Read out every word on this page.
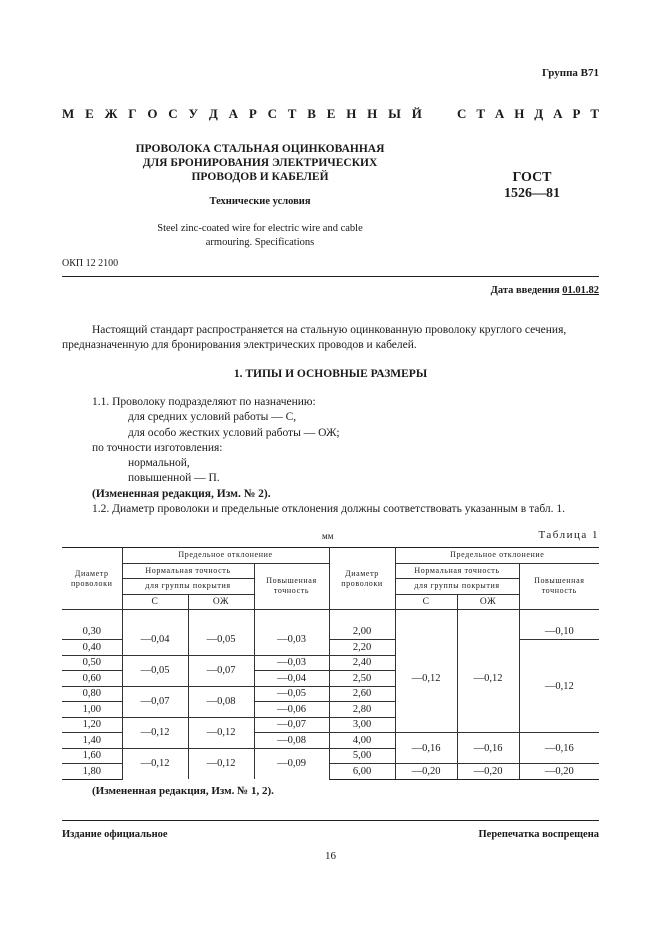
Группа В71
М Е Ж Г О С У Д А Р С Т В Е Н Н Ы Й	С Т А Н Д А Р Т
ПРОВОЛОКА СТАЛЬНАЯ ОЦИНКОВАННАЯ
ДЛЯ БРОНИРОВАНИЯ ЭЛЕКТРИЧЕСКИХ
ПРОВОДОВ И КАБЕЛЕЙ
Технические условия
Steel zinc-coated wire for electric wire and cable
armouring. Specifications
ГОСТ
1526—81
ОКП 12 2100
Дата введения 01.01.82
Настоящий стандарт распространяется на стальную оцинкованную проволоку круглого сечения,
предназначенную для бронирования электрических проводов и кабелей.
1. ТИПЫ И ОСНОВНЫЕ РАЗМЕРЫ
1.1. Проволоку подразделяют по назначению:
для средних условий работы — С,
для особо жестких условий работы — ОЖ;
по точности изготовления:
нормальной,
повышенной — П.
(Измененная редакция, Изм. № 2).
1.2. Диаметр проволоки и предельные отклонения должны соответствовать указанным в табл. 1.
мм	Таблица 1
Диаметр проволоки	Предельное отклонение			Диаметр проволоки	Предельное отклонение		
	Нормальная точность		Повышенная точность		Нормальная точность		Повышенная точность
	для группы покрытия				для группы покрытия		
	С	ОЖ			С	ОЖ	

0,30	—0,04	—0,05	—0,03	2,00	—0,12	—0,12	—0,10
0,40				2,20			—0,12
0,50	—0,05	—0,07	—0,03	2,40			
0,60			—0,04	2,50			
0,80	—0,07	—0,08	—0,05	2,60			
1,00			—0,06	2,80			
1,20	—0,12	—0,12	—0,07	3,00			
1,40			—0,08	4,00	—0,16	—0,16	—0,16
1,60	—0,12	—0,12	—0,09	5,00			
1,80				6,00	—0,20	—0,20	—0,20
(Измененная редакция, Изм. № 1, 2).
Издание официальное	Перепечатка воспрещена
16
